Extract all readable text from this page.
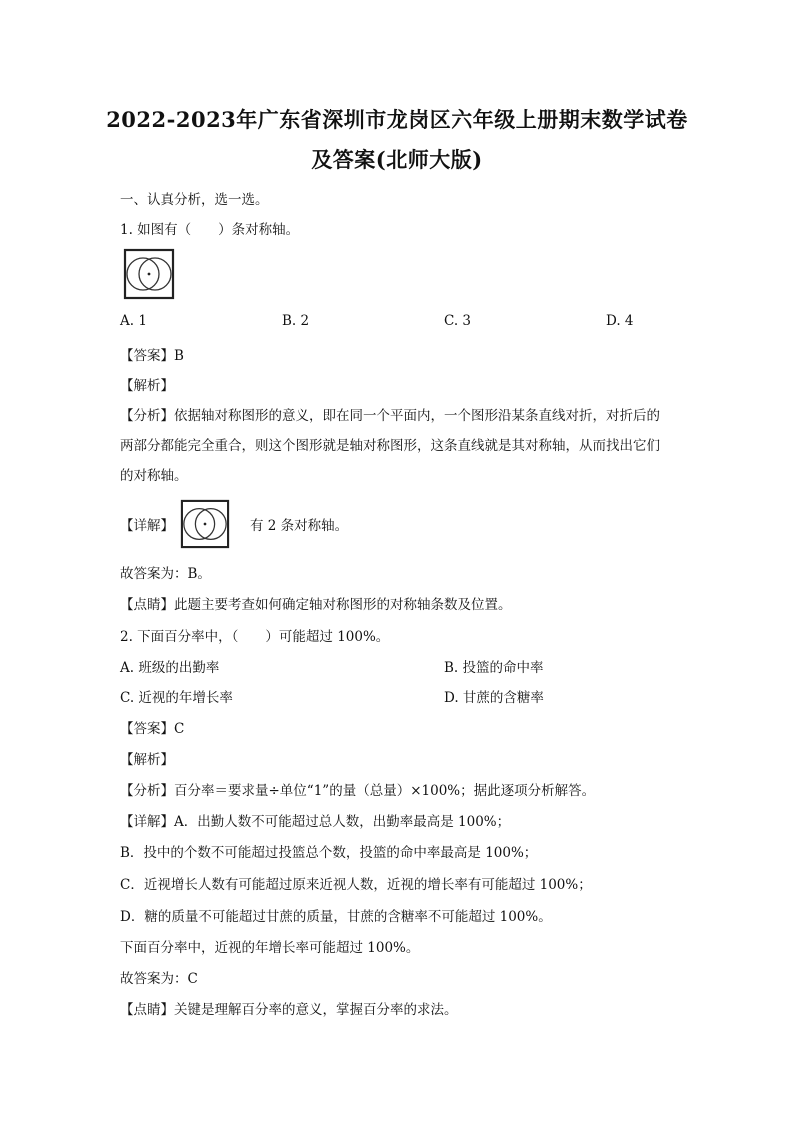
2022-2023年广东省深圳市龙岗区六年级上册期末数学试卷
及答案(北师大版)
一、认真分析，选一选。
1. 如图有（　　）条对称轴。
A. 1	B. 2	C. 3	D. 4
【答案】B
【解析】
【分析】依据轴对称图形的意义，即在同一个平面内，一个图形沿某条直线对折，对折后的
两部分都能完全重合，则这个图形就是轴对称图形，这条直线就是其对称轴，从而找出它们
的对称轴。
【详解】	有 2 条对称轴。
故答案为：B。
【点睛】此题主要考查如何确定轴对称图形的对称轴条数及位置。
2. 下面百分率中，（　　）可能超过 100%。
A. 班级的出勤率	B. 投篮的命中率
C. 近视的年增长率	D. 甘蔗的含糖率
【答案】C
【解析】
【分析】百分率＝要求量÷单位“1”的量（总量）×100%；据此逐项分析解答。
【详解】A．出勤人数不可能超过总人数，出勤率最高是 100%；
B．投中的个数不可能超过投篮总个数，投篮的命中率最高是 100%；
C．近视增长人数有可能超过原来近视人数，近视的增长率有可能超过 100%；
D．糖的质量不可能超过甘蔗的质量，甘蔗的含糖率不可能超过 100%。
下面百分率中，近视的年增长率可能超过 100%。
故答案为：C
【点睛】关键是理解百分率的意义，掌握百分率的求法。
